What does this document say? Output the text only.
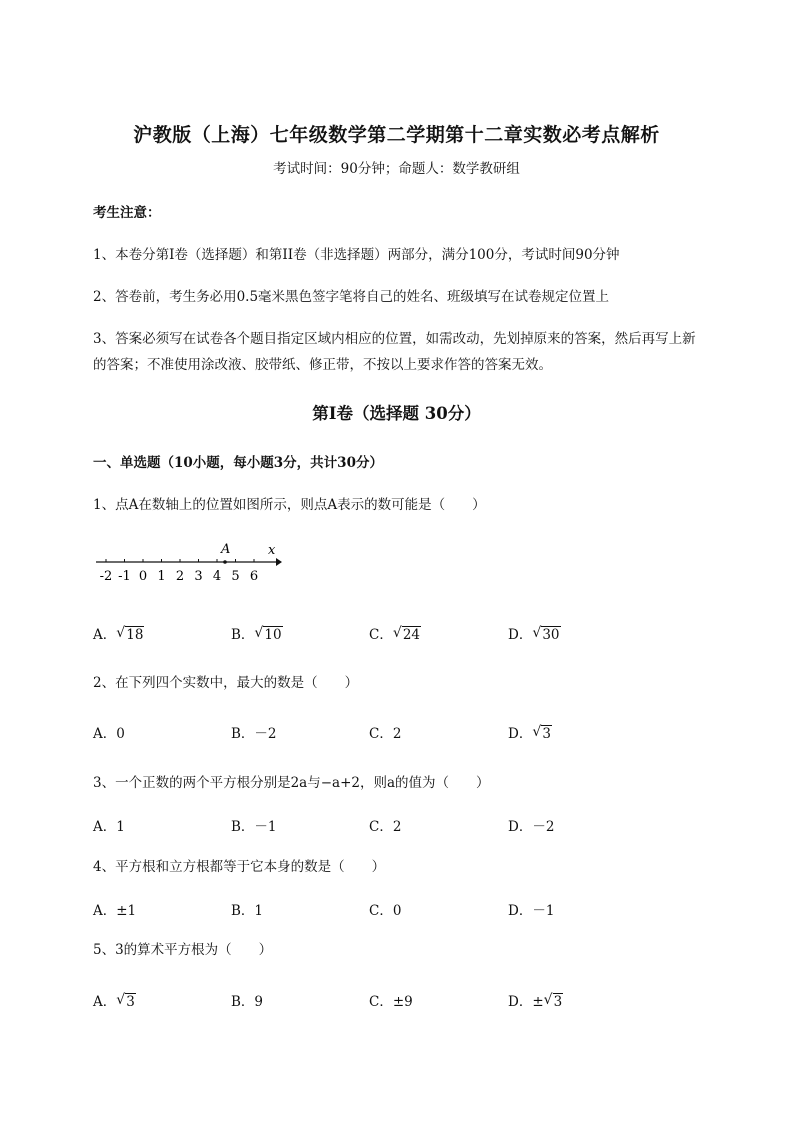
沪教版（上海）七年级数学第二学期第十二章实数必考点解析
考试时间：90分钟；命题人：数学教研组
考生注意：
1、本卷分第I卷（选择题）和第II卷（非选择题）两部分，满分100分，考试时间90分钟
2、答卷前，考生务必用0.5毫米黑色签字笔将自己的姓名、班级填写在试卷规定位置上
3、答案必须写在试卷各个题目指定区域内相应的位置，如需改动，先划掉原来的答案，然后再写上新
的答案；不准使用涂改液、胶带纸、修正带，不按以上要求作答的答案无效。
第I卷（选择题 30分）
一、单选题（10小题，每小题3分，共计30分）
1、点A在数轴上的位置如图所示，则点A表示的数可能是（　　）
-2 -1 0 1 2 3 4 5 6
A	x
A． √ 18	B． √ 10	C． √ 24	D． √ 30
2、在下列四个实数中，最大的数是（　　）
A．0	B．－2	C．2	D． √ 3
3、一个正数的两个平方根分别是2a与−a+2，则a的值为（　　）
A．1	B．－1	C．2	D．－2
4、平方根和立方根都等于它本身的数是（　　）
A．±1	B．1	C．0	D．－1
5、3的算术平方根为（　　）
A． √ 3	B．9	C．±9	D．± √ 3
